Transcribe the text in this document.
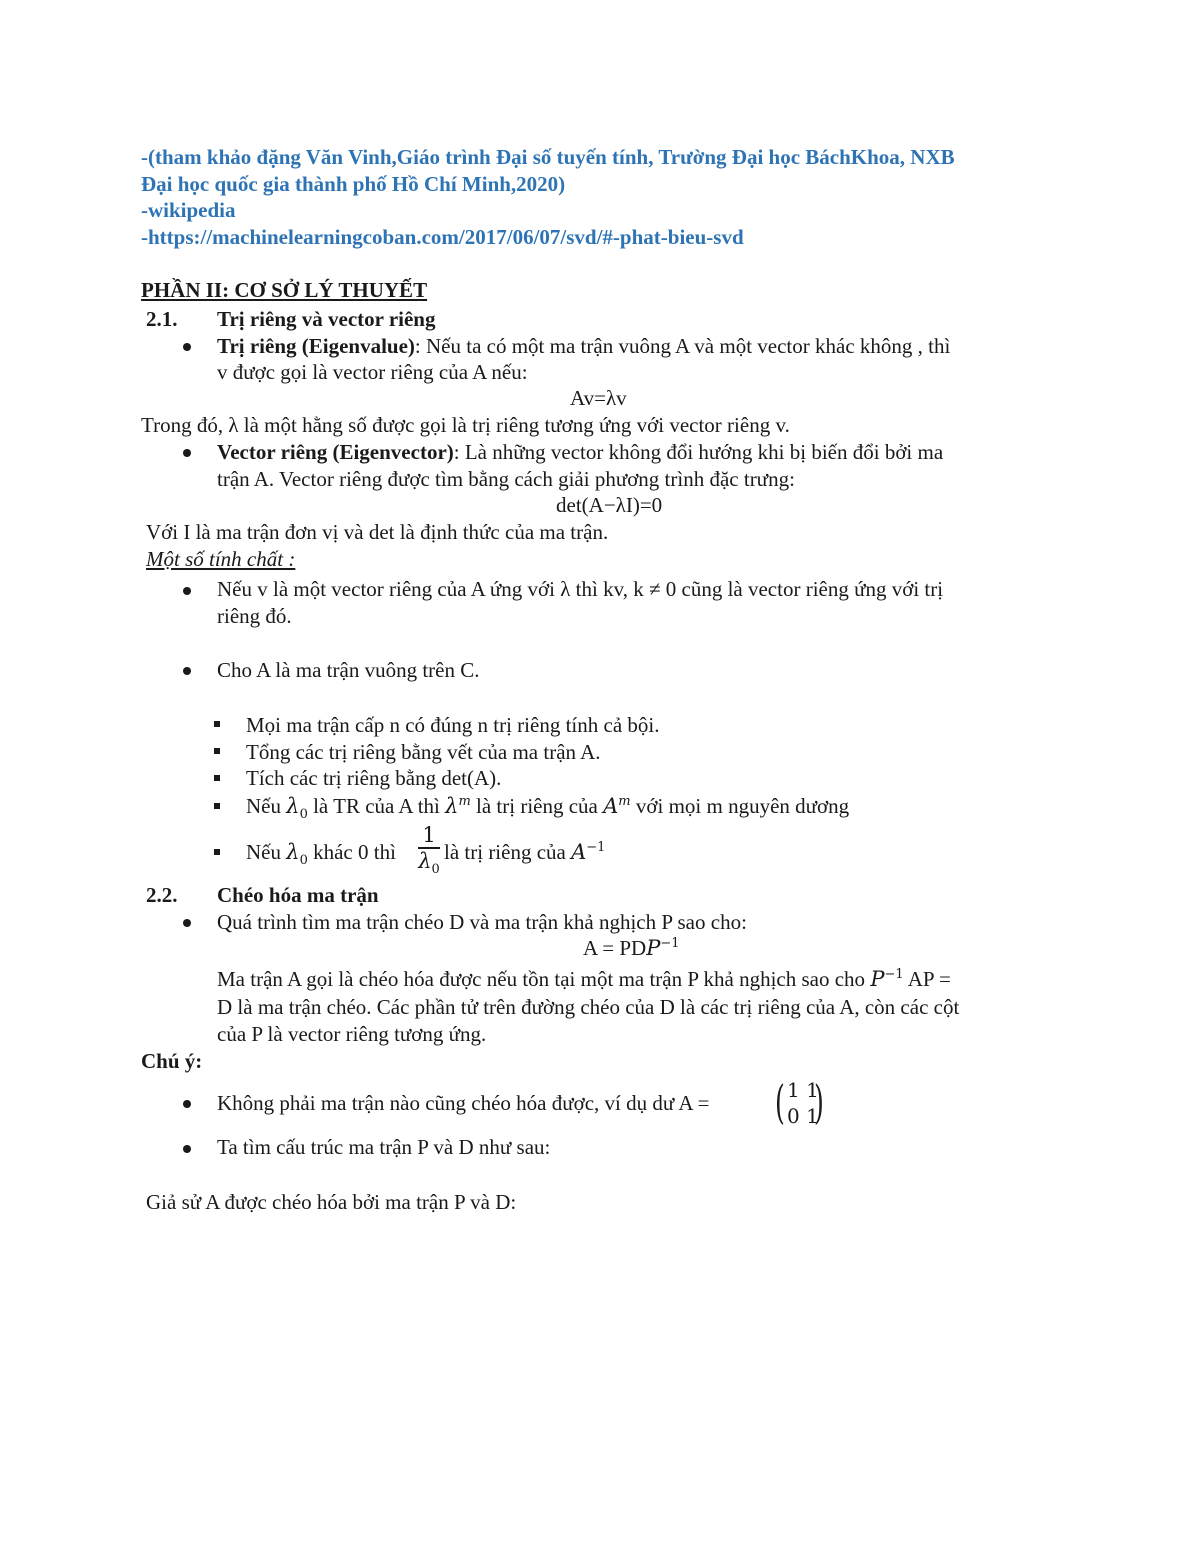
-(tham khảo đặng Văn Vinh,Giáo trình Đại số tuyến tính, Trường Đại học BáchKhoa, NXB
Đại học quốc gia thành phố Hồ Chí Minh,2020)
-wikipedia
-https://machinelearningcoban.com/2017/06/07/svd/#-phat-bieu-svd
PHẦN II: CƠ SỞ LÝ THUYẾT
2.1. Trị riêng và vector riêng
Trị riêng (Eigenvalue): Nếu ta có một ma trận vuông A và một vector khác không , thì
v được gọi là vector riêng của A nếu:
Av=λv
Trong đó, λ là một hằng số được gọi là trị riêng tương ứng với vector riêng v.
Vector riêng (Eigenvector): Là những vector không đổi hướng khi bị biến đổi bởi ma
trận A. Vector riêng được tìm bằng cách giải phương trình đặc trưng:
det(A−λI)=0
Với I là ma trận đơn vị và det là định thức của ma trận.
Một số tính chất :
Nếu v là một vector riêng của A ứng với λ thì kv, k ≠ 0 cũng là vector riêng ứng với trị
riêng đó.
Cho A là ma trận vuông trên C.
Mọi ma trận cấp n có đúng n trị riêng tính cả bội.
Tổng các trị riêng bằng vết của ma trận A.
Tích các trị riêng bằng det(A).
Nếu $\lambda_0$ là TR của A thì $\lambda^m$ là trị riêng của $A^m$ với mọi m nguyên dương
Nếu $\lambda_0$ khác 0 thì
1
$\lambda_0$
là trị riêng của $A^{-1}$
2.2. Chéo hóa ma trận
Quá trình tìm ma trận chéo D và ma trận khả nghịch P sao cho:
$A = PDP^{-1}$
Ma trận A gọi là chéo hóa được nếu tồn tại một ma trận P khả nghịch sao cho $P^{-1}$ AP =
D là ma trận chéo. Các phần tử trên đường chéo của D là các trị riêng của A, còn các cột
của P là vector riêng tương ứng.
Chú ý:
Không phải ma trận nào cũng chéo hóa được, ví dụ dư A = ( 1 1
0 1
)
Ta tìm cấu trúc ma trận P và D như sau:
Giả sử A được chéo hóa bởi ma trận P và D:
